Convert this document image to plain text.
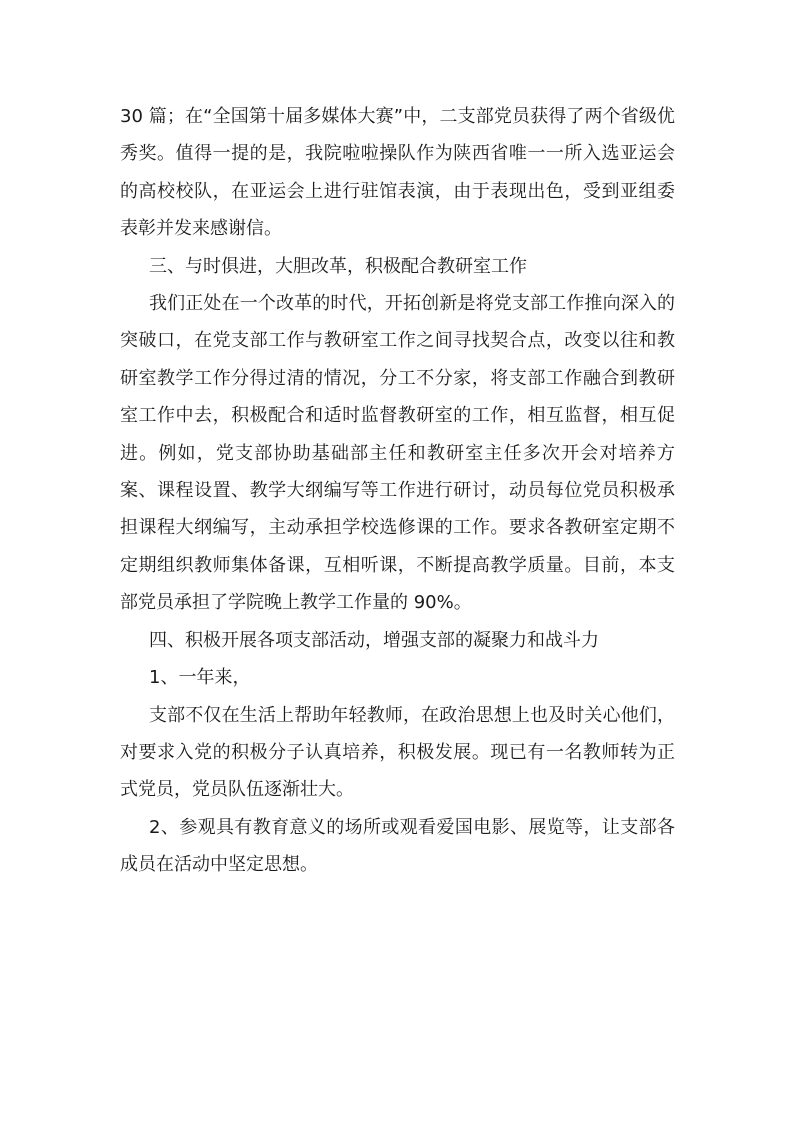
30 篇；在“全国第十届多媒体大赛”中，二支部党员获得了两个省级优秀奖。值得一提的是，我院啦啦操队作为陕西省唯一一所入选亚运会的高校校队，在亚运会上进行驻馆表演，由于表现出色，受到亚组委表彰并发来感谢信。

三、与时俱进，大胆改革，积极配合教研室工作

我们正处在一个改革的时代，开拓创新是将党支部工作推向深入的突破口，在党支部工作与教研室工作之间寻找契合点，改变以往和教研室教学工作分得过清的情况，分工不分家，将支部工作融合到教研室工作中去，积极配合和适时监督教研室的工作，相互监督，相互促进。例如，党支部协助基础部主任和教研室主任多次开会对培养方案、课程设置、教学大纲编写等工作进行研讨，动员每位党员积极承担课程大纲编写，主动承担学校选修课的工作。要求各教研室定期不定期组织教师集体备课，互相听课，不断提高教学质量。目前，本支部党员承担了学院晚上教学工作量的 90%。

四、积极开展各项支部活动，增强支部的凝聚力和战斗力

1、一年来，

支部不仅在生活上帮助年轻教师，在政治思想上也及时关心他们，对要求入党的积极分子认真培养，积极发展。现已有一名教师转为正式党员，党员队伍逐渐壮大。

2、参观具有教育意义的场所或观看爱国电影、展览等，让支部各成员在活动中坚定思想。
